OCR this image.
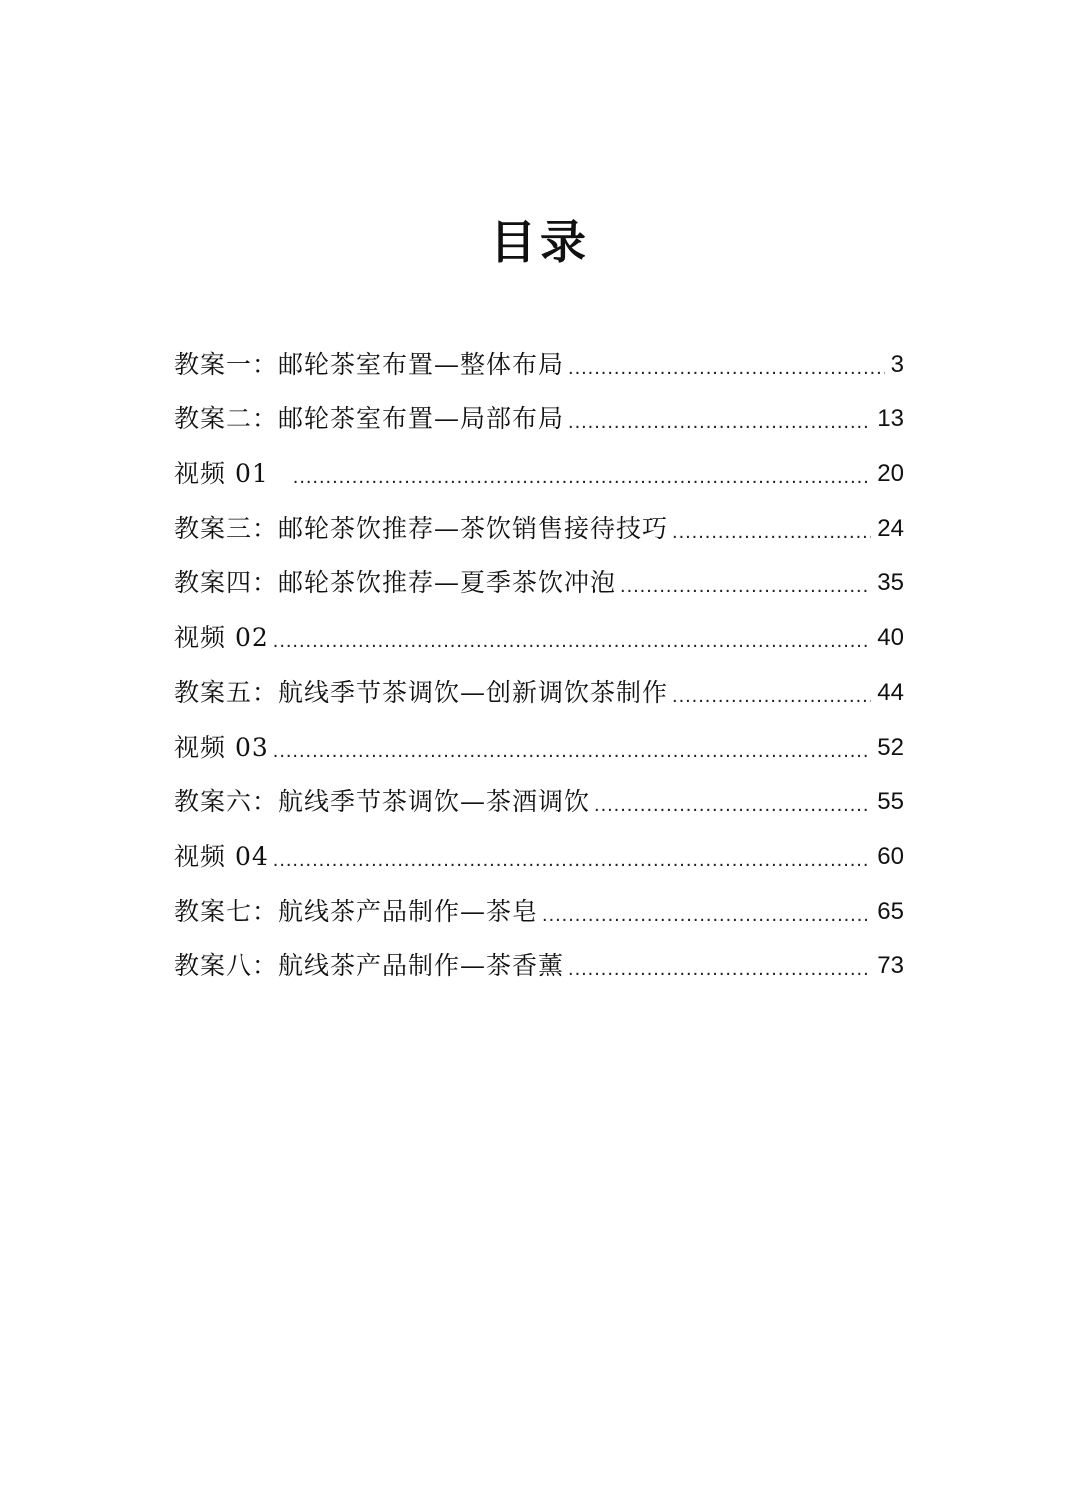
目录
教案一：邮轮茶室布置—整体布局 .....	3
教案二：邮轮茶室布置—局部布局 .....	13
视频 01 .....	20
教案三：邮轮茶饮推荐—茶饮销售接待技巧 .....	24
教案四：邮轮茶饮推荐—夏季茶饮冲泡 .....	35
视频 02 .....	40
教案五：航线季节茶调饮—创新调饮茶制作 .....	44
视频 03 .....	52
教案六：航线季节茶调饮—茶酒调饮 .....	55
视频 04 .....	60
教案七：航线茶产品制作—茶皂 .....	65
教案八：航线茶产品制作—茶香薰 .....	73
